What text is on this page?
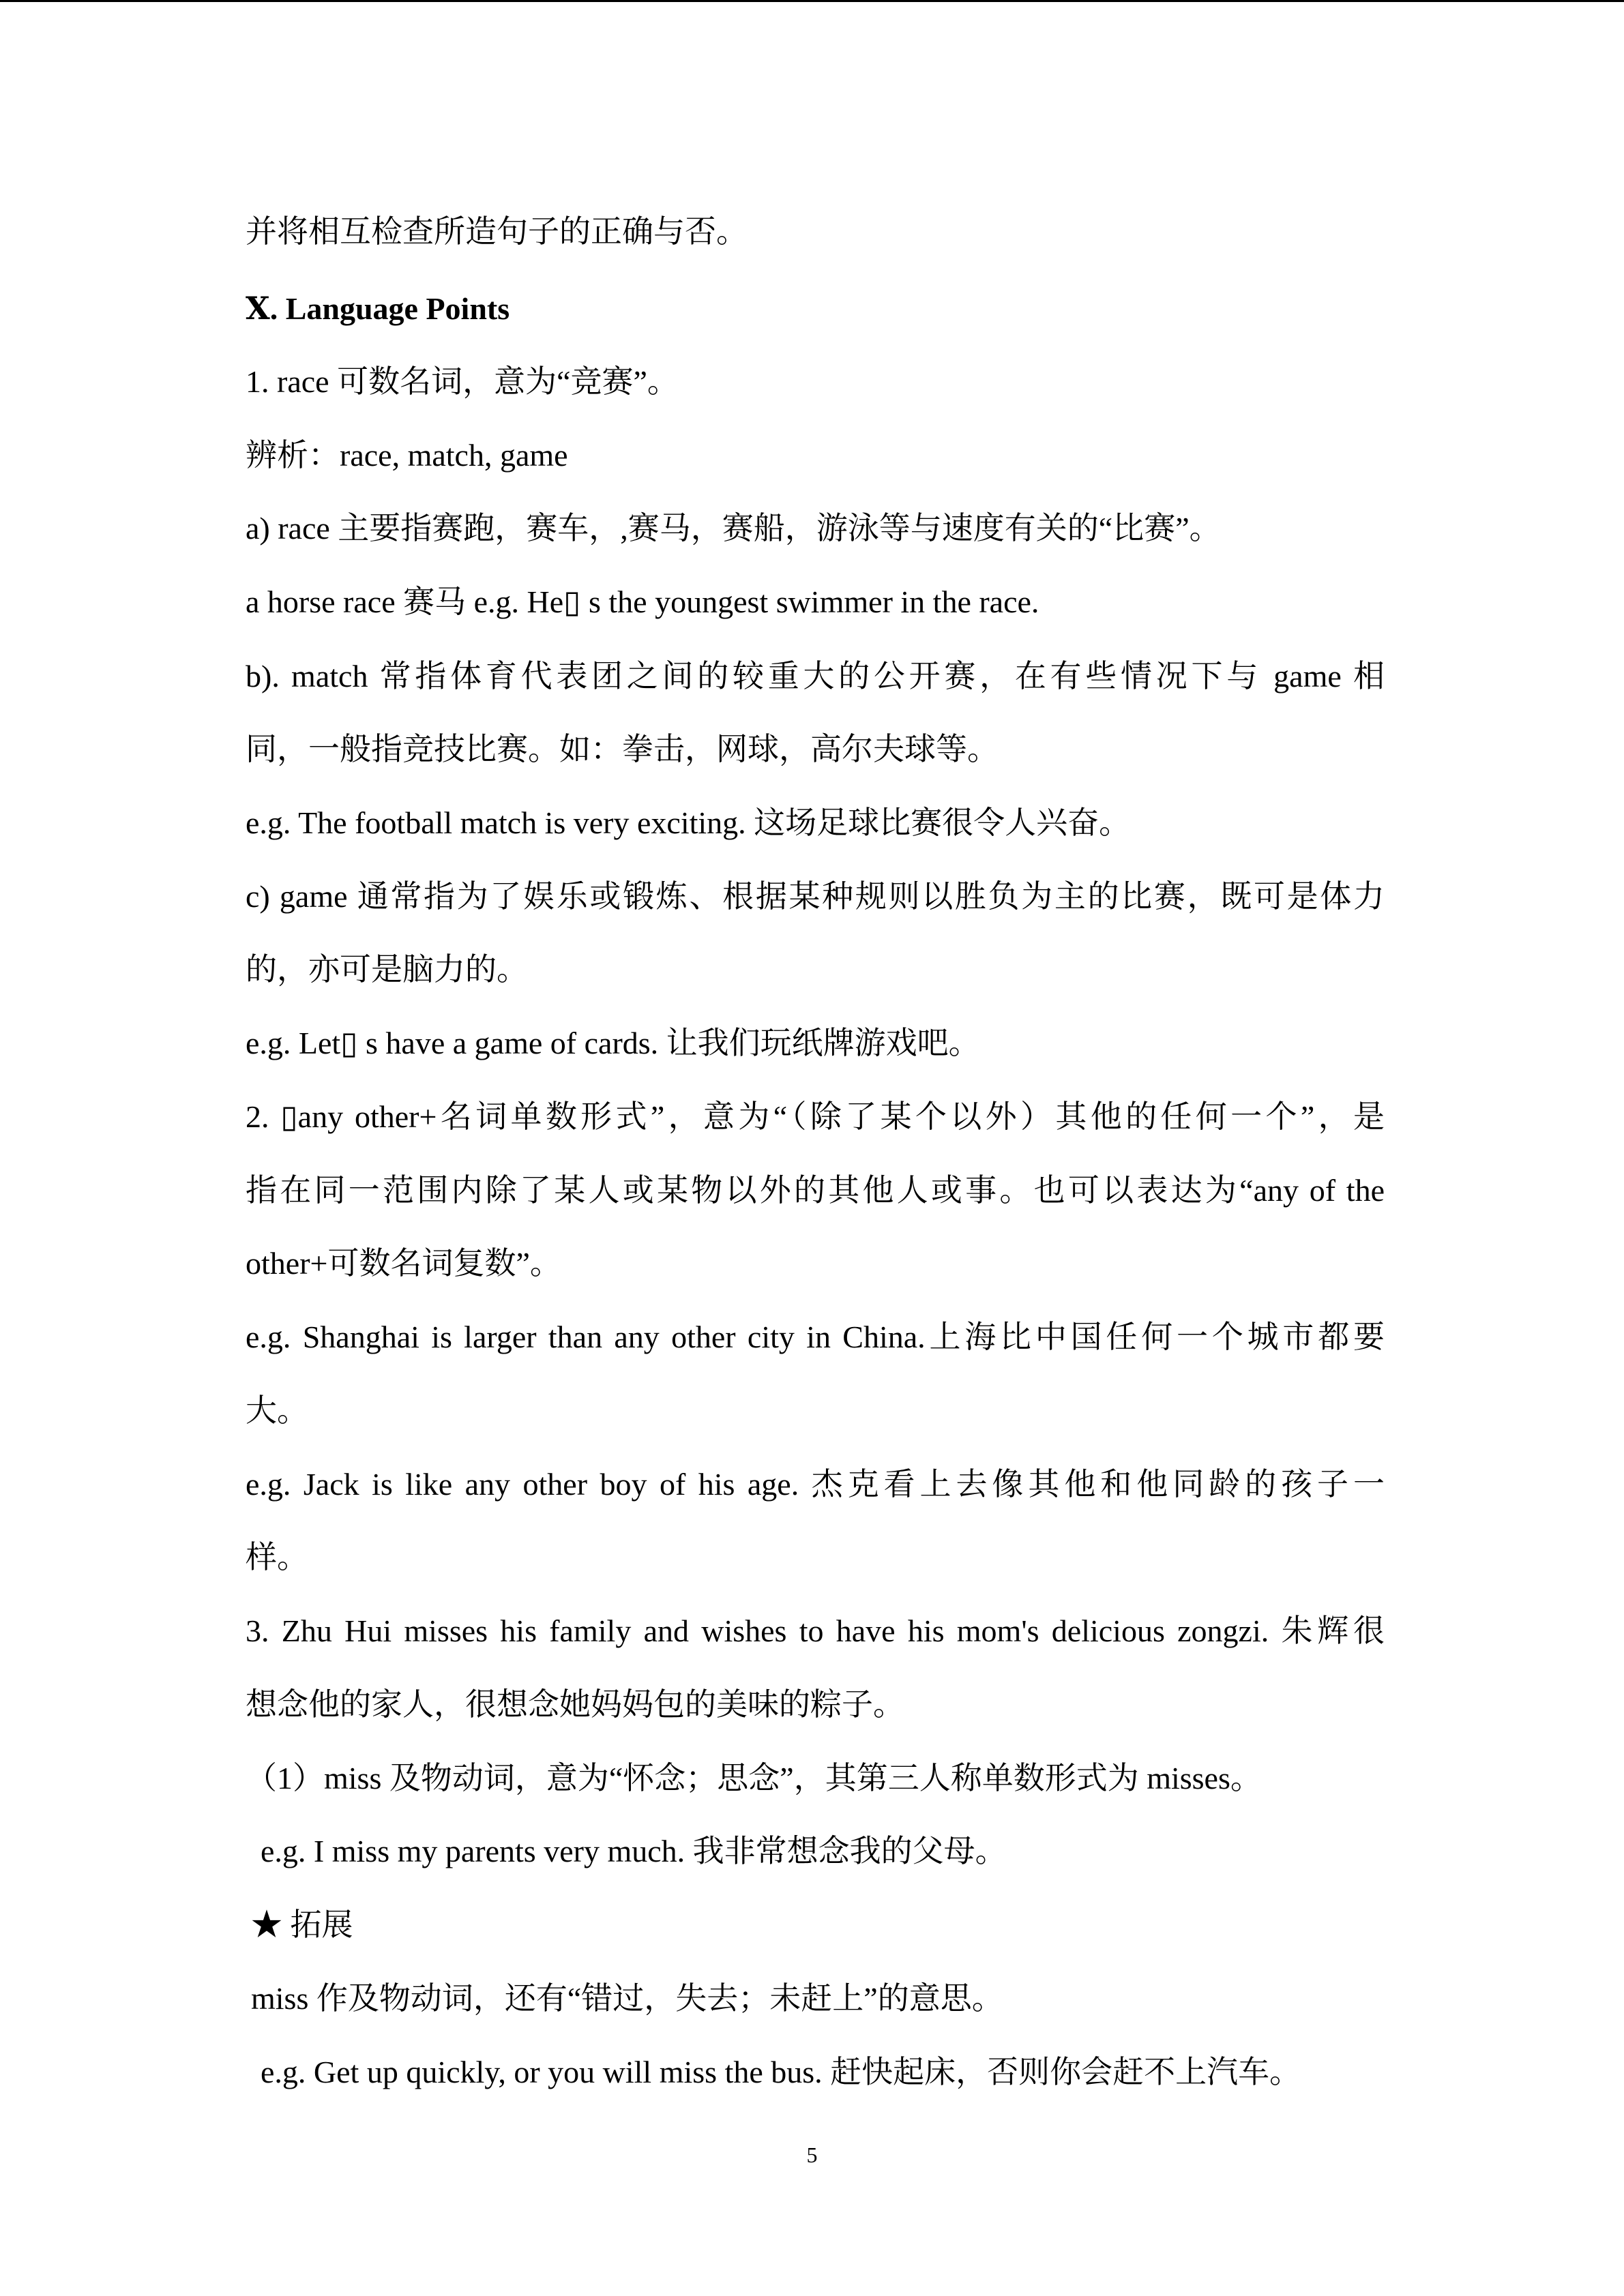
并将相互检查所造句子的正确与否。
Ⅹ. Language Points
1. race 可数名词，意为“竞赛”。
辨析：race, match, game
a) race 主要指赛跑，赛车，,赛马，赛船，游泳等与速度有关的“比赛”。
a horse race 赛马 e.g. He▯ s the youngest swimmer in the race.
b). match 常指体育代表团之间的较重大的公开赛，在有些情况下与 game 相
同，一般指竞技比赛。如：拳击，网球，高尔夫球等。
e.g. The football match is very exciting. 这场足球比赛很令人兴奋。
c) game 通常指为了娱乐或锻炼、根据某种规则以胜负为主的比赛，既可是体力
的，亦可是脑力的。
e.g. Let▯ s have a game of cards. 让我们玩纸牌游戏吧。
2. ▯any other+名词单数形式”，意为“（除了某个以外）其他的任何一个”，是
指在同一范围内除了某人或某物以外的其他人或事。也可以表达为“any of the
other+可数名词复数”。
e.g. Shanghai is larger than any other city in China.上海比中国任何一个城市都要
大。
e.g. Jack is like any other boy of his age. 杰克看上去像其他和他同龄的孩子一
样。
3. Zhu Hui misses his family and wishes to have his mom's delicious zongzi. 朱辉很
想念他的家人，很想念她妈妈包的美味的粽子。
（1）miss 及物动词，意为“怀念；思念”，其第三人称单数形式为 misses。
e.g. I miss my parents very much. 我非常想念我的父母。
★ 拓展
miss 作及物动词，还有“错过，失去；未赶上”的意思。
e.g. Get up quickly, or you will miss the bus. 赶快起床，否则你会赶不上汽车。
5
